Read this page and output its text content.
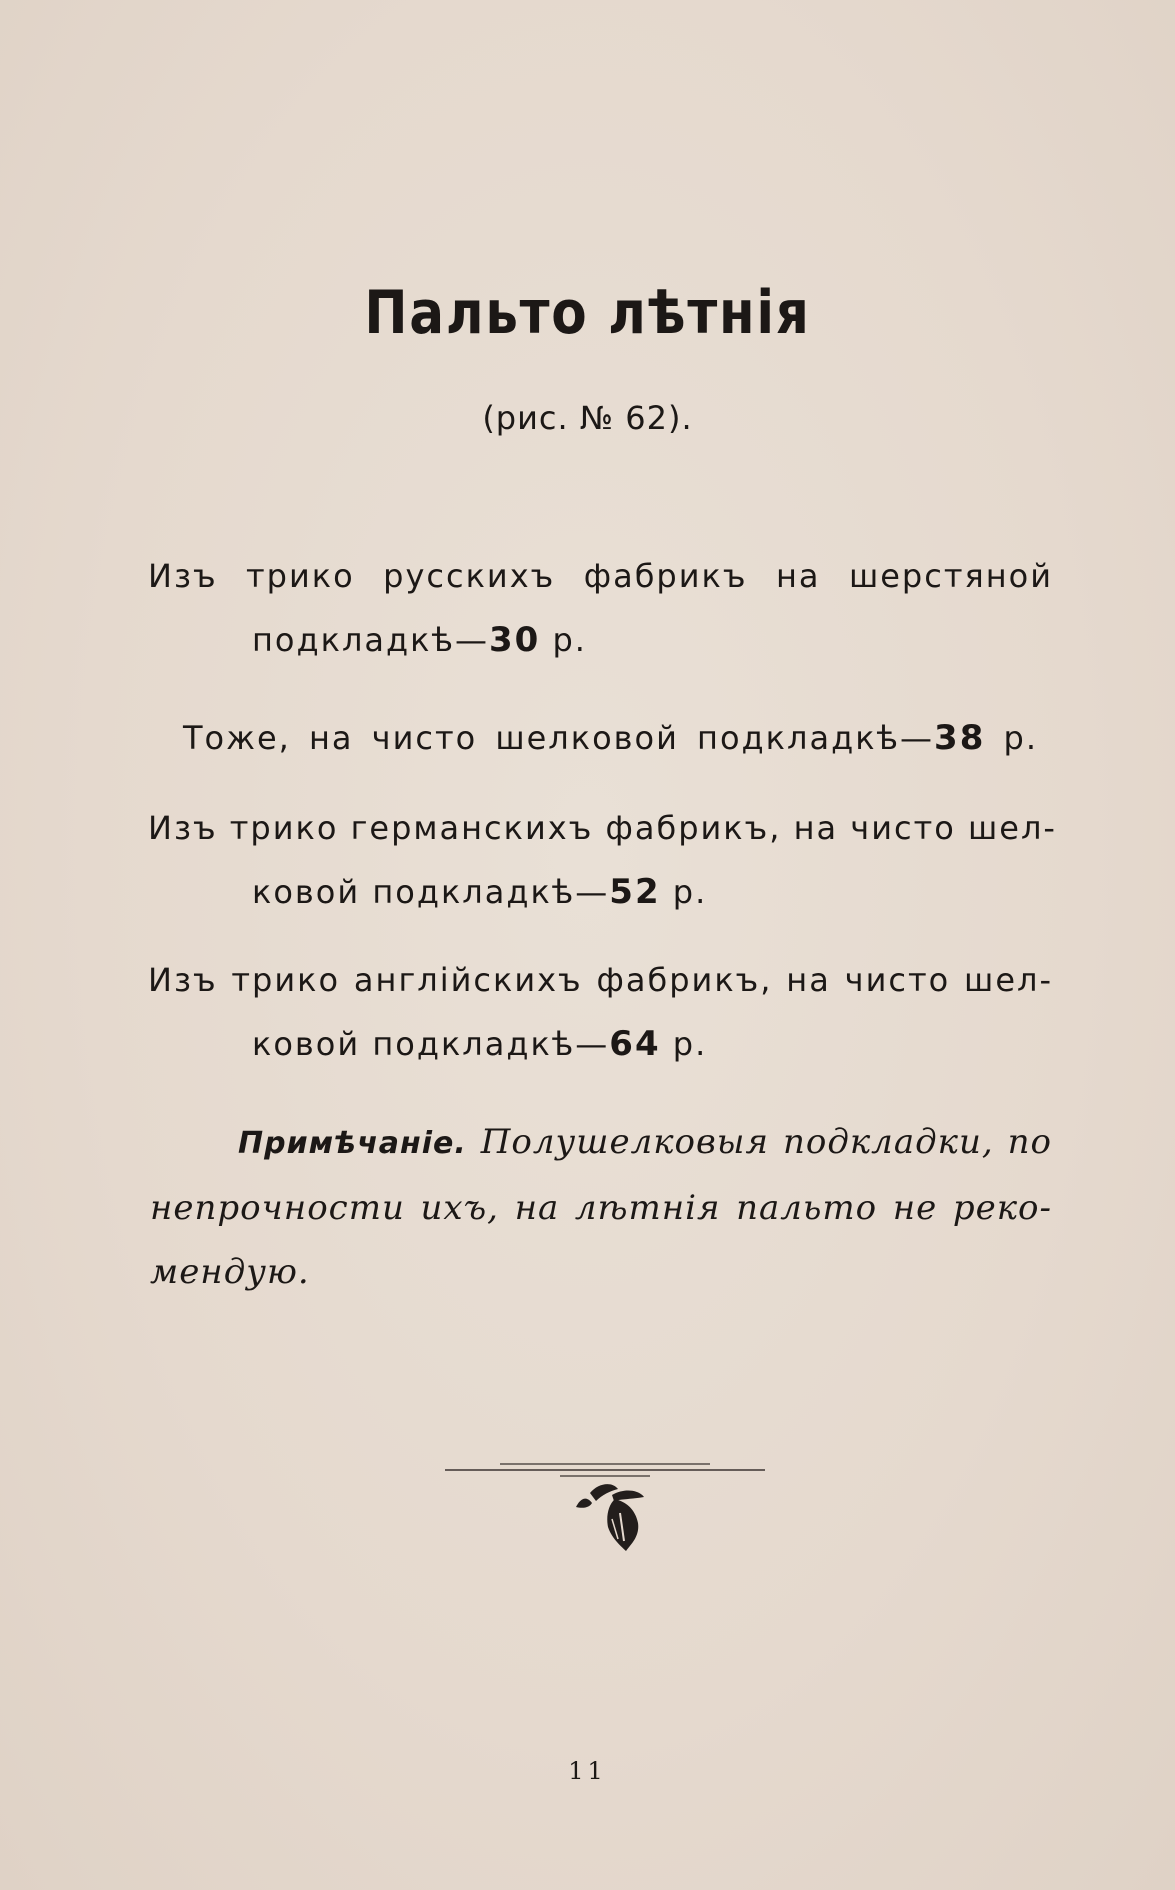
Пальто лѣтнія
(рис. № 62).
Изъ трико русскихъ фабрикъ на шерстяной
подкладкѣ—30 р.
Тоже, на чисто шелковой подкладкѣ—38 р.
Изъ трико германскихъ фабрикъ, на чисто шел-
ковой подкладкѣ—52 р.
Изъ трико англійскихъ фабрикъ, на чисто шел-
ковой подкладкѣ—64 р.
Примѣчаніе. Полушелковыя подкладки, по
непрочности ихъ, на лѣтнія пальто не реко-
мендую.
11
